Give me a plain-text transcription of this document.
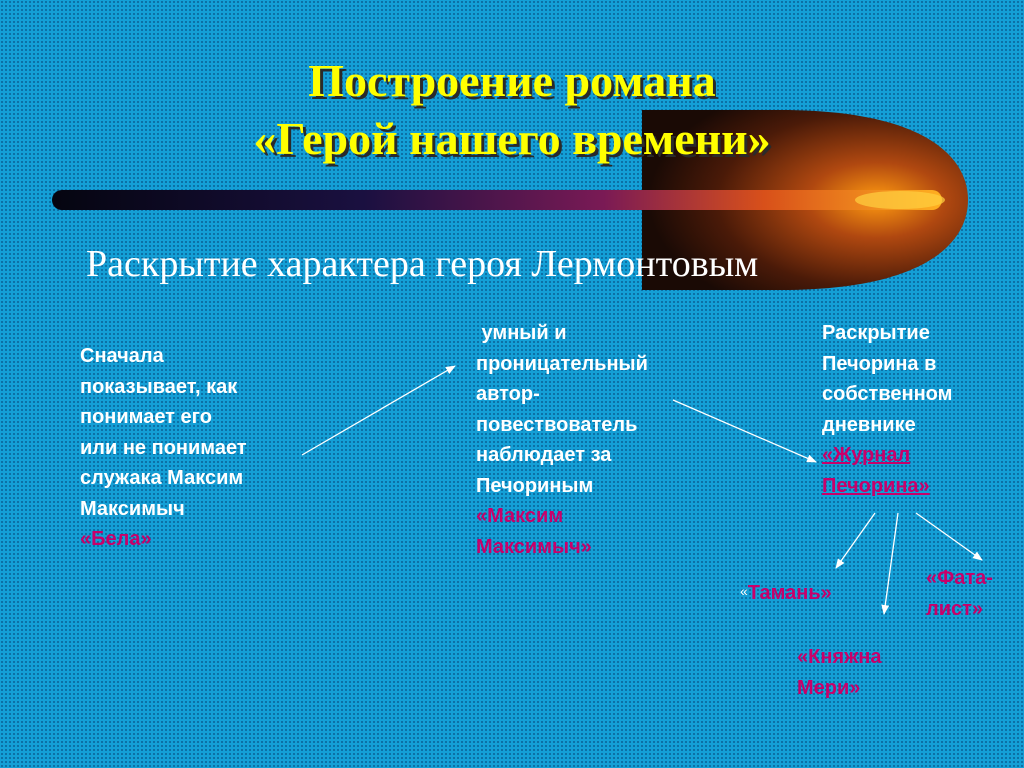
Построение романа
«Герой нашего времени»

Раскрытие характера героя Лермонтовым

Сначала
показывает, как
понимает его
или не понимает
служака Максим
Максимыч
«Бела»
умный и
проницательный
автор-
повествователь
наблюдает за
Печориным
«Максим
Максимыч»
Раскрытие
Печорина в
собственном
дневнике
«Журнал
Печорина»
«Тамань»
«Фата-
лист»
«Княжна
Мери»
